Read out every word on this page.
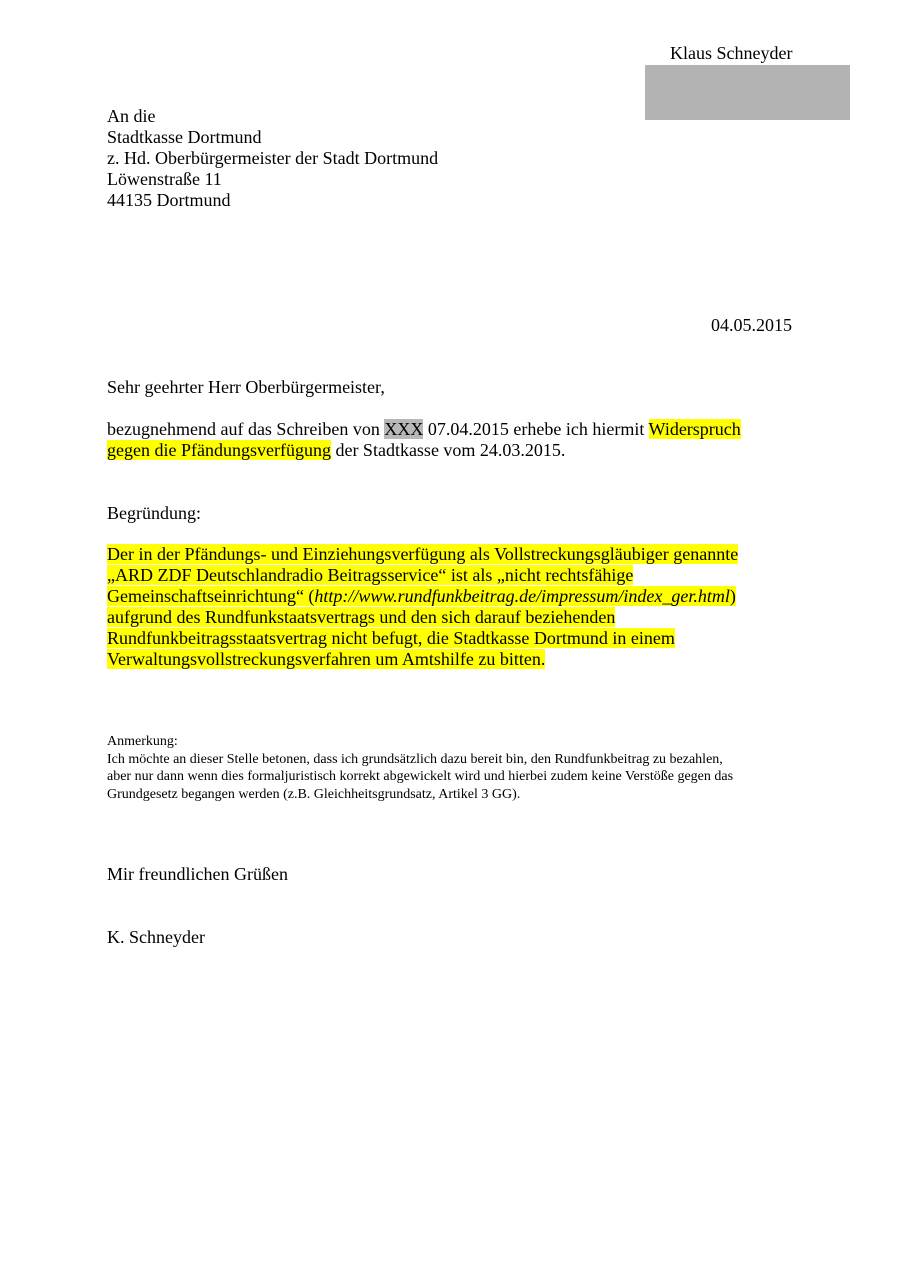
Klaus Schneyder
An die
Stadtkasse Dortmund
z. Hd. Oberbürgermeister der Stadt Dortmund
Löwenstraße 11
44135 Dortmund
04.05.2015
Sehr geehrter Herr Oberbürgermeister,
bezugnehmend auf das Schreiben von XXX 07.04.2015 erhebe ich hiermit Widerspruch
gegen die Pfändungsverfügung der Stadtkasse vom 24.03.2015.
Begründung:
Der in der Pfändungs- und Einziehungsverfügung als Vollstreckungsgläubiger genannte
„ARD ZDF Deutschlandradio Beitragsservice“ ist als „nicht rechtsfähige
Gemeinschaftseinrichtung“ (http://www.rundfunkbeitrag.de/impressum/index_ger.html)
aufgrund des Rundfunkstaatsvertrags und den sich darauf beziehenden
Rundfunkbeitragsstaatsvertrag nicht befugt, die Stadtkasse Dortmund in einem
Verwaltungsvollstreckungsverfahren um Amtshilfe zu bitten.
Anmerkung:
Ich möchte an dieser Stelle betonen, dass ich grundsätzlich dazu bereit bin, den Rundfunkbeitrag zu bezahlen,
aber nur dann wenn dies formaljuristisch korrekt abgewickelt wird und hierbei zudem keine Verstöße gegen das
Grundgesetz begangen werden (z.B. Gleichheitsgrundsatz, Artikel 3 GG).
Mir freundlichen Grüßen
K. Schneyder
